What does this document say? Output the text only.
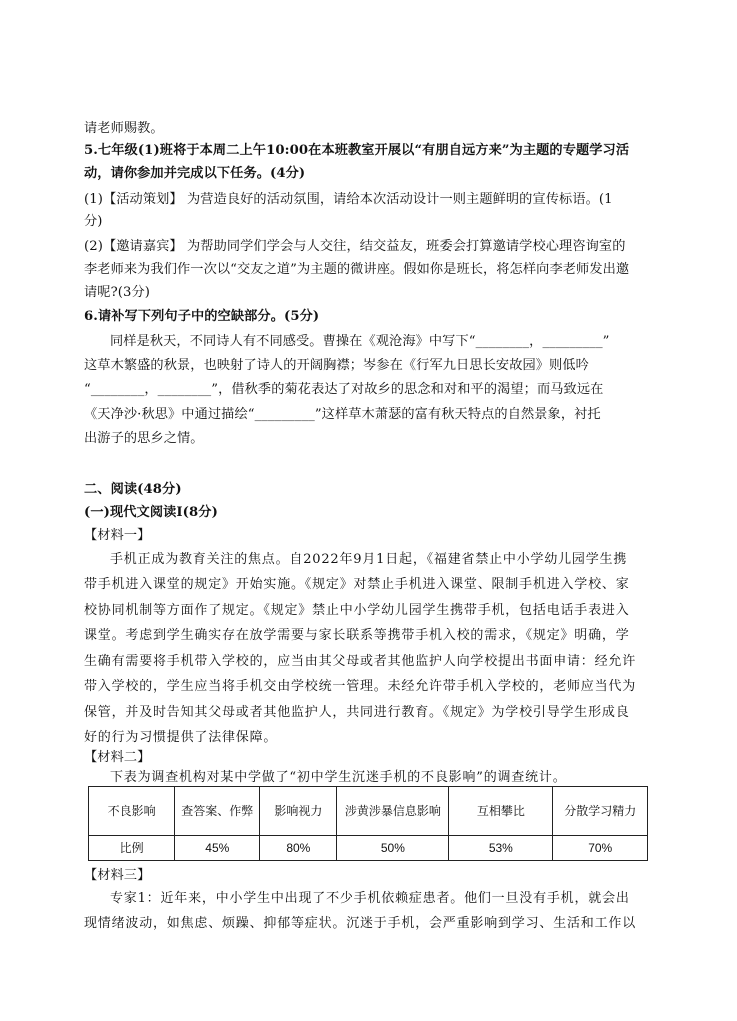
请老师赐教。
5.七年级(1)班将于本周二上午10:00在本班教室开展以“有朋自远方来”为主题的专题学习活
动，请你参加并完成以下任务。(4分)
(1)【活动策划】 为营造良好的活动氛围，请给本次活动设计一则主题鲜明的宣传标语。(1
分)
(2)【邀请嘉宾】 为帮助同学们学会与人交往，结交益友，班委会打算邀请学校心理咨询室的
李老师来为我们作一次以“交友之道”为主题的微讲座。假如你是班长，将怎样向李老师发出邀
请呢?(3分)
6.请补写下列句子中的空缺部分。(5分)
同样是秋天，不同诗人有不同感受。曹操在《观沧海》中写下“________，_________”
这草木繁盛的秋景，也映射了诗人的开阔胸襟；岑参在《行军九日思长安故园》则低吟
“________，________”，借秋季的菊花表达了对故乡的思念和对和平的渴望；而马致远在
《天净沙·秋思》中通过描绘“_________”这样草木萧瑟的富有秋天特点的自然景象，衬托
出游子的思乡之情。
二、阅读(48分)
(一)现代文阅读Ⅰ(8分)
【材料一】
手机正成为教育关注的焦点。自2022年9月1日起，《福建省禁止中小学幼儿园学生携
带手机进入课堂的规定》开始实施。《规定》对禁止手机进入课堂、限制手机进入学校、家
校协同机制等方面作了规定。《规定》禁止中小学幼儿园学生携带手机，包括电话手表进入
课堂。考虑到学生确实存在放学需要与家长联系等携带手机入校的需求，《规定》明确，学
生确有需要将手机带入学校的，应当由其父母或者其他监护人向学校提出书面申请：经允许
带入学校的，学生应当将手机交由学校统一管理。未经允许带手机入学校的，老师应当代为
保管，并及时告知其父母或者其他监护人，共同进行教育。《规定》为学校引导学生形成良
好的行为习惯提供了法律保障。
【材料二】
下表为调查机构对某中学做了“初中学生沉迷手机的不良影响”的调查统计。
【材料三】
专家1：近年来，中小学生中出现了不少手机依赖症患者。他们一旦没有手机，就会出
现情绪波动，如焦虑、烦躁、抑郁等症状。沉迷于手机，会严重影响到学习、生活和工作以
不良影响	查答案、作弊	影响视力	涉黄涉暴信息影响	互相攀比	分散学习精力
比例	45%	80%	50%	53%	70%
